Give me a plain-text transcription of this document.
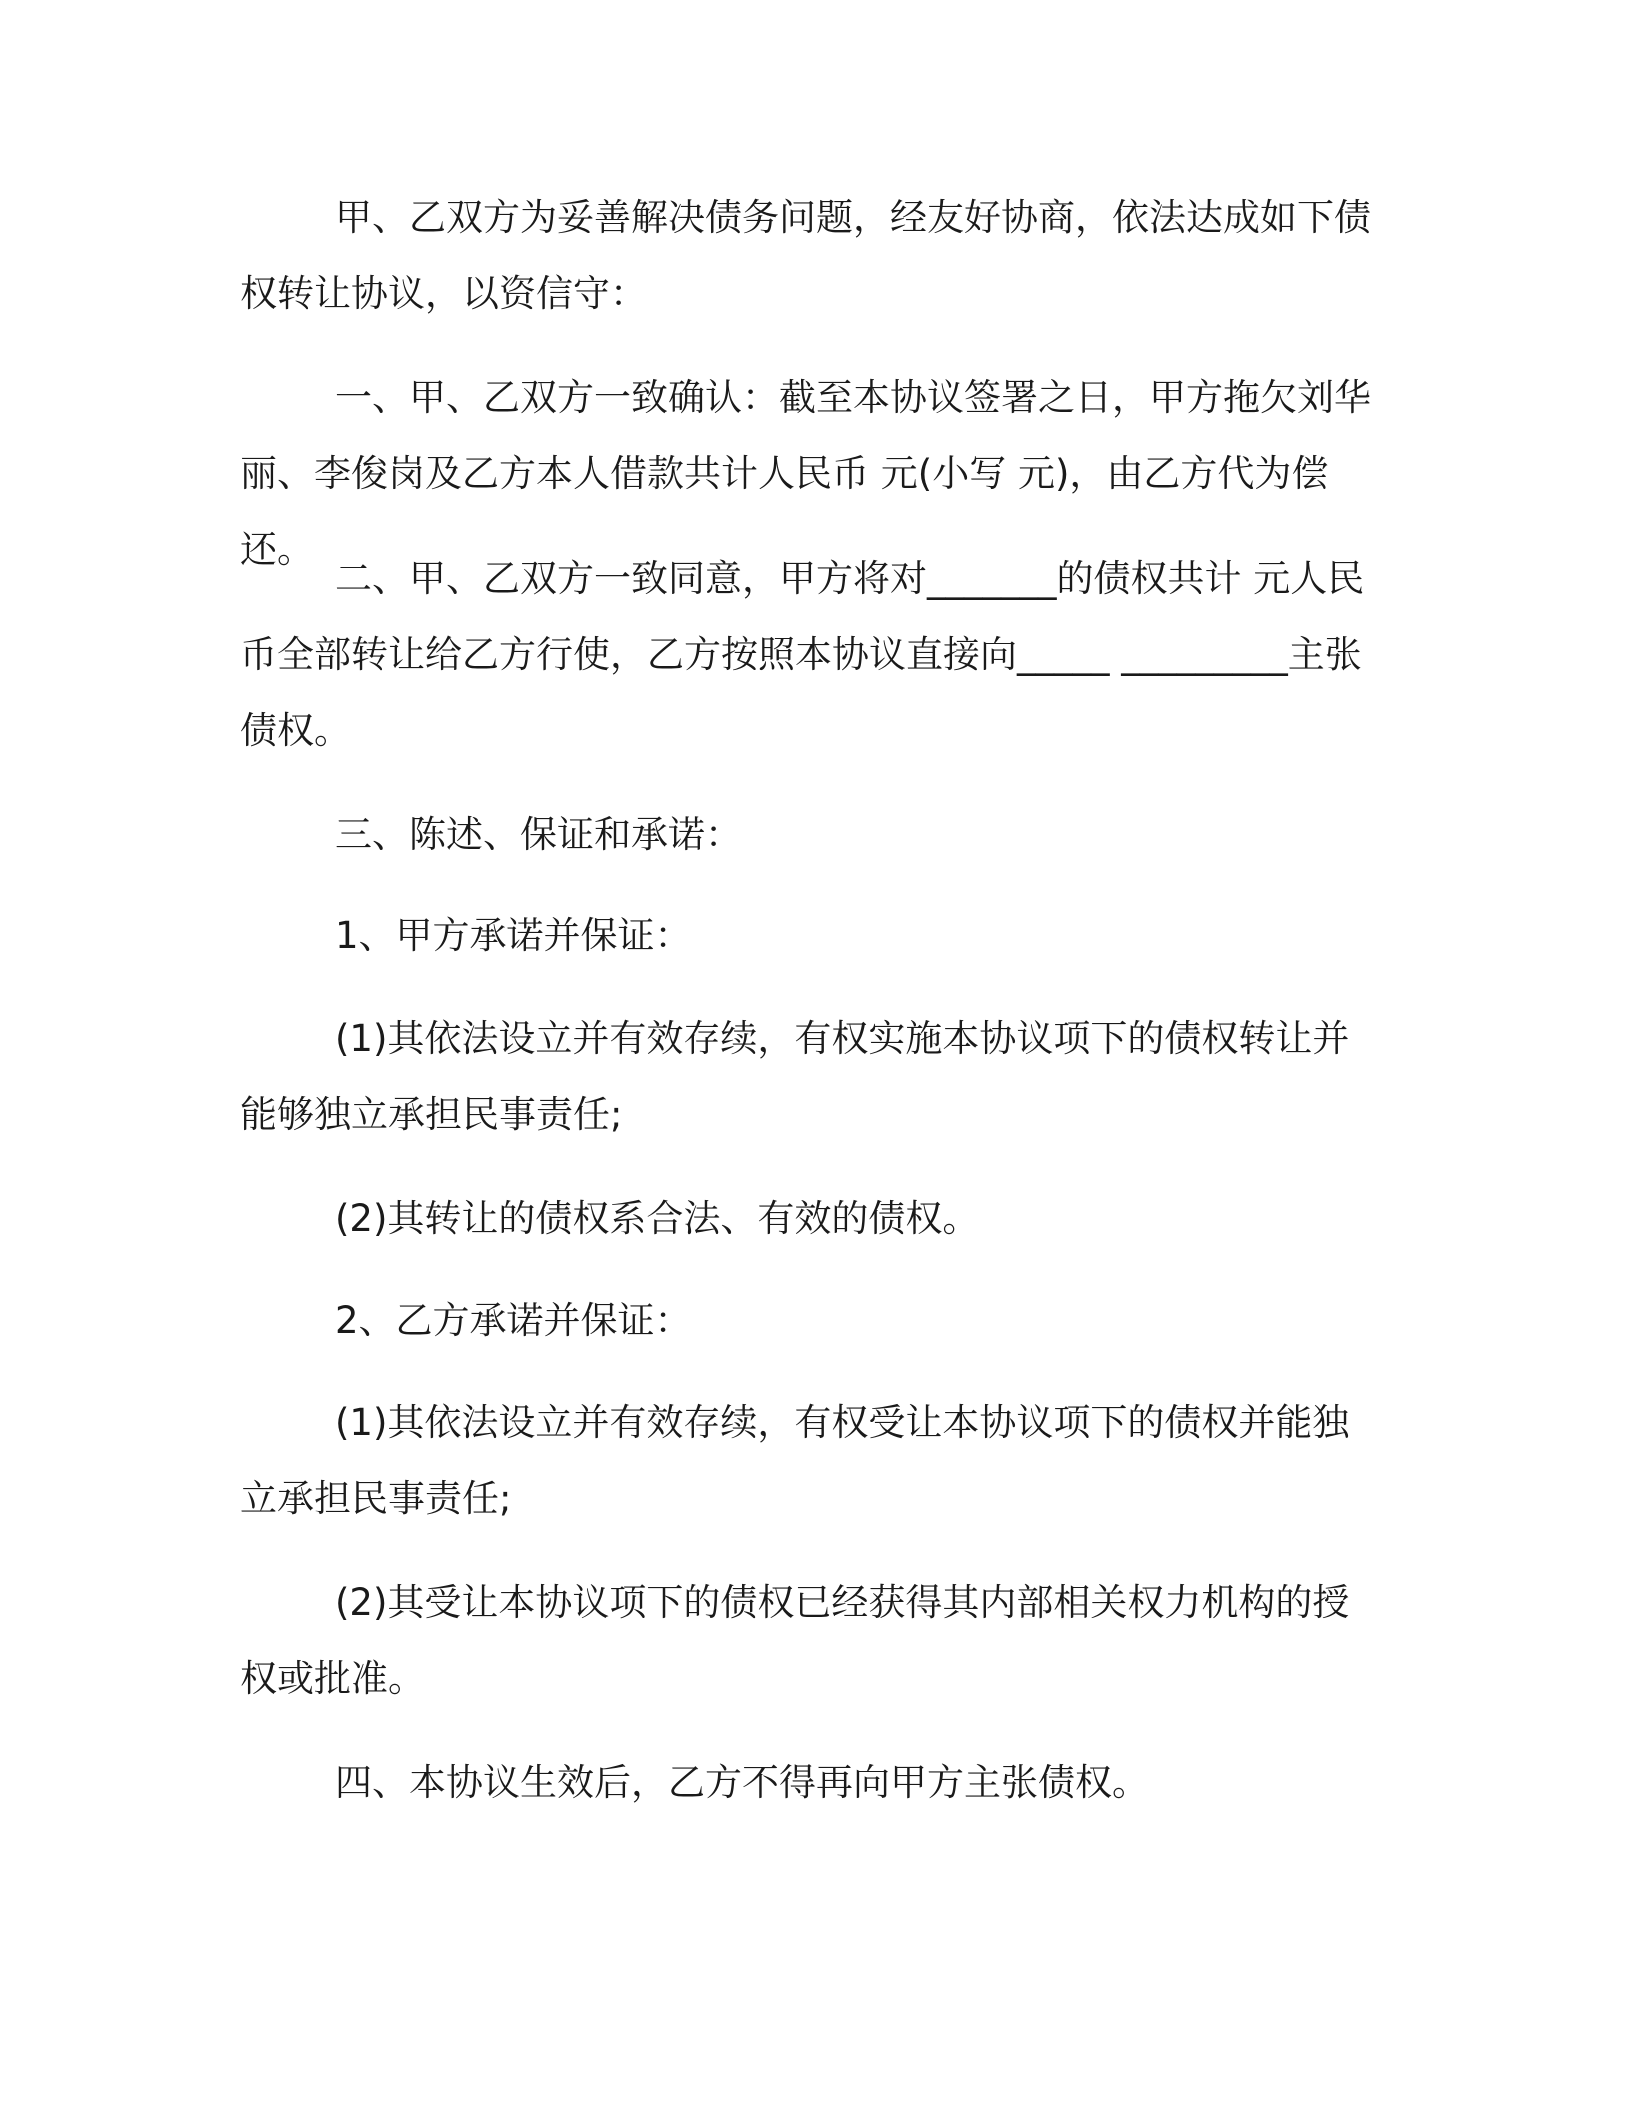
甲、乙双方为妥善解决债务问题，经友好协商，依法达成如下债权转让协议，以资信守：

一、甲、乙双方一致确认：截至本协议签署之日，甲方拖欠刘华丽、李俊岗及乙方本人借款共计人民币 元(小写 元)，由乙方代为偿还。

二、甲、乙双方一致同意，甲方将对_______的债权共计 元人民币全部转让给乙方行使，乙方按照本协议直接向_____ _________主张债权。

三、陈述、保证和承诺：

1、甲方承诺并保证：

(1)其依法设立并有效存续，有权实施本协议项下的债权转让并能够独立承担民事责任;

(2)其转让的债权系合法、有效的债权。

2、乙方承诺并保证：

(1)其依法设立并有效存续，有权受让本协议项下的债权并能独立承担民事责任;

(2)其受让本协议项下的债权已经获得其内部相关权力机构的授权或批准。

四、本协议生效后，乙方不得再向甲方主张债权。
